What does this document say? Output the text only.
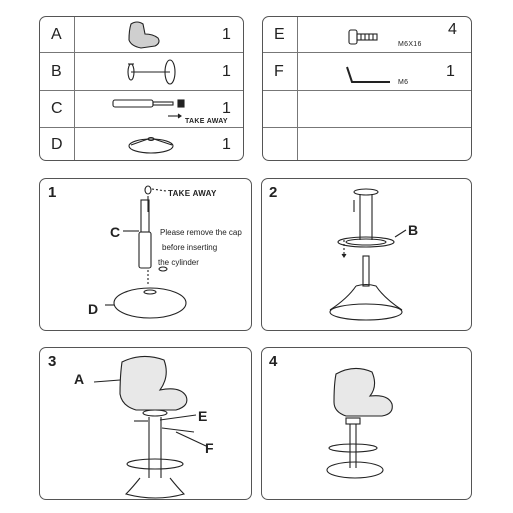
A	1
B	1
C	1
TAKE AWAY
D	1
E	4
M6X16
F	1
M6
1	2
3	4
TAKE AWAY
C
D
Please remove the cap
before inserting
the cylinder
B
A
E
F
